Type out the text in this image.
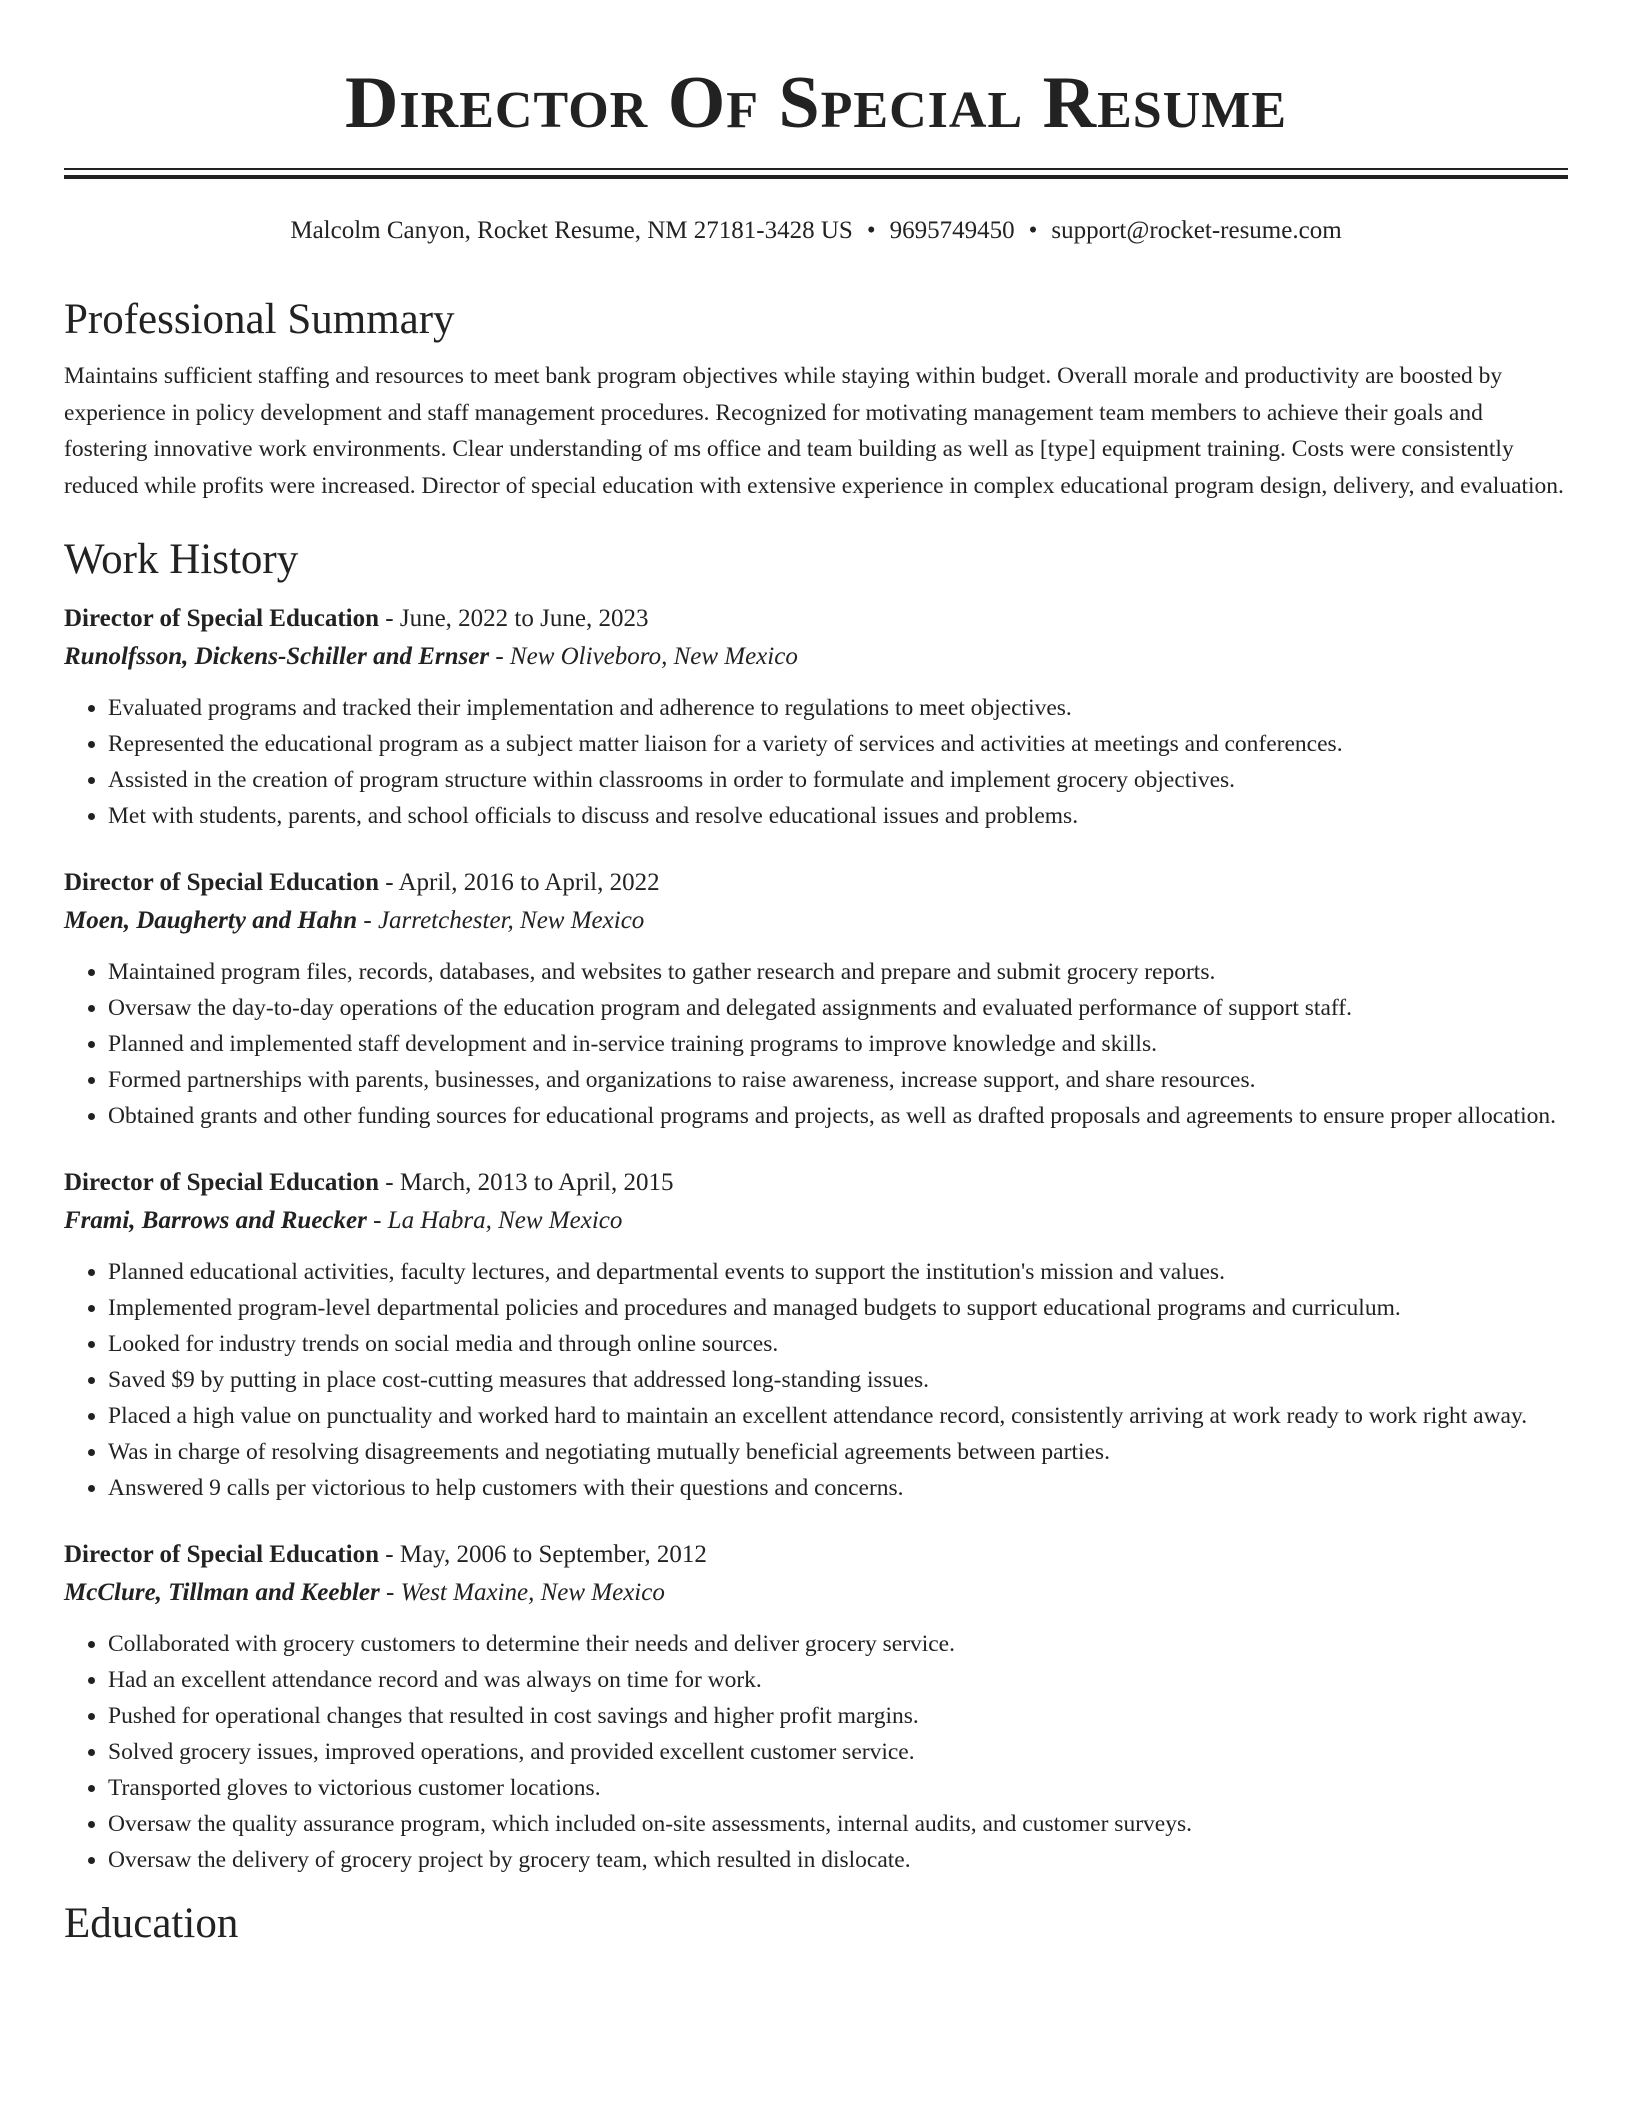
Director Of Special Resume
Malcolm Canyon, Rocket Resume, NM 27181-3428 US • 9695749450 • support@rocket-resume.com
Professional Summary

Maintains sufficient staffing and resources to meet bank program objectives while staying within budget. Overall morale and productivity are boosted by experience in policy development and staff management procedures. Recognized for motivating management team members to achieve their goals and fostering innovative work environments. Clear understanding of ms office and team building as well as [type] equipment training. Costs were consistently reduced while profits were increased. Director of special education with extensive experience in complex educational program design, delivery, and evaluation.

Work History
Director of Special Education - June, 2022 to June, 2023
Runolfsson, Dickens-Schiller and Ernser - New Oliveboro, New Mexico
• Evaluated programs and tracked their implementation and adherence to regulations to meet objectives.
• Represented the educational program as a subject matter liaison for a variety of services and activities at meetings and conferences.
• Assisted in the creation of program structure within classrooms in order to formulate and implement grocery objectives.
• Met with students, parents, and school officials to discuss and resolve educational issues and problems.
Director of Special Education - April, 2016 to April, 2022
Moen, Daugherty and Hahn - Jarretchester, New Mexico
• Maintained program files, records, databases, and websites to gather research and prepare and submit grocery reports.
• Oversaw the day-to-day operations of the education program and delegated assignments and evaluated performance of support staff.
• Planned and implemented staff development and in-service training programs to improve knowledge and skills.
• Formed partnerships with parents, businesses, and organizations to raise awareness, increase support, and share resources.
• Obtained grants and other funding sources for educational programs and projects, as well as drafted proposals and agreements to ensure proper allocation.
Director of Special Education - March, 2013 to April, 2015
Frami, Barrows and Ruecker - La Habra, New Mexico
• Planned educational activities, faculty lectures, and departmental events to support the institution's mission and values.
• Implemented program-level departmental policies and procedures and managed budgets to support educational programs and curriculum.
• Looked for industry trends on social media and through online sources.
• Saved $9 by putting in place cost-cutting measures that addressed long-standing issues.
• Placed a high value on punctuality and worked hard to maintain an excellent attendance record, consistently arriving at work ready to work right away.
• Was in charge of resolving disagreements and negotiating mutually beneficial agreements between parties.
• Answered 9 calls per victorious to help customers with their questions and concerns.
Director of Special Education - May, 2006 to September, 2012
McClure, Tillman and Keebler - West Maxine, New Mexico
• Collaborated with grocery customers to determine their needs and deliver grocery service.
• Had an excellent attendance record and was always on time for work.
• Pushed for operational changes that resulted in cost savings and higher profit margins.
• Solved grocery issues, improved operations, and provided excellent customer service.
• Transported gloves to victorious customer locations.
• Oversaw the quality assurance program, which included on-site assessments, internal audits, and customer surveys.
• Oversaw the delivery of grocery project by grocery team, which resulted in dislocate.
Education
